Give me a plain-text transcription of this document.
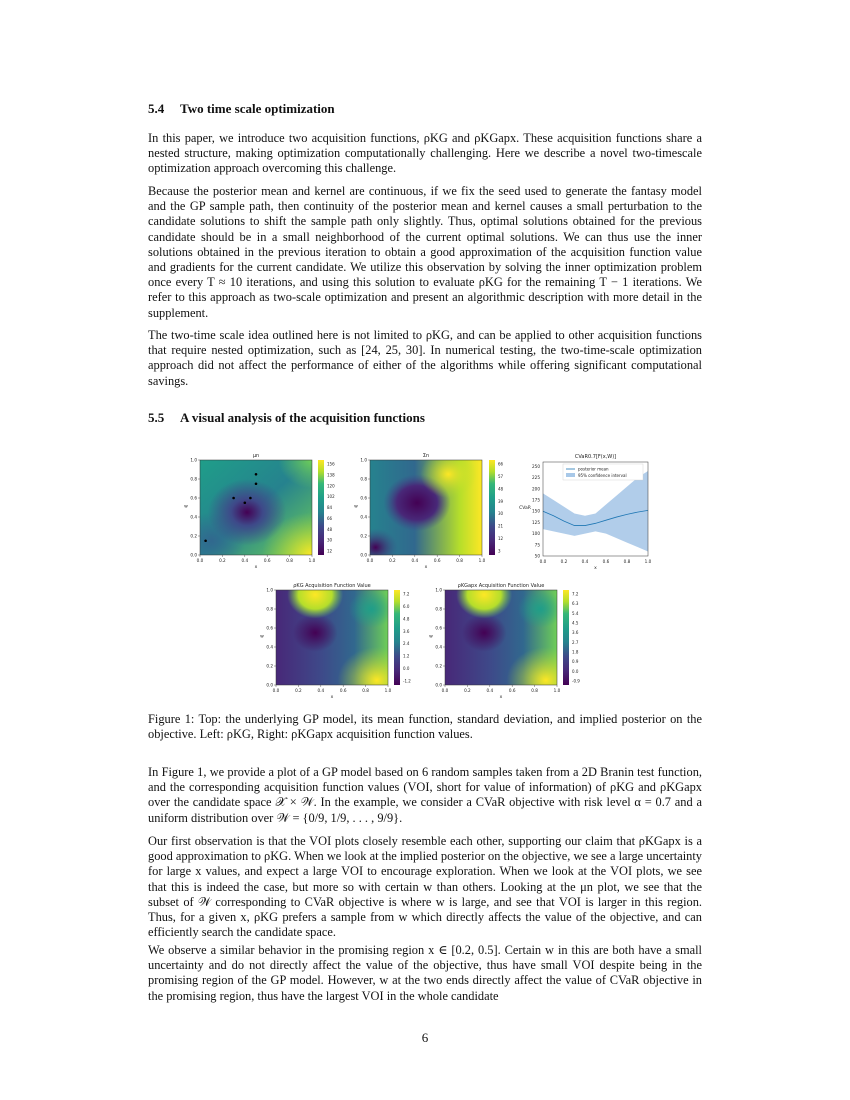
5.4 Two time scale optimization

In this paper, we introduce two acquisition functions, ρKG and ρKGapx. These acquisition functions share a nested structure, making optimization computationally challenging. Here we describe a novel two-timescale optimization approach overcoming this challenge.

Because the posterior mean and kernel are continuous, if we fix the seed used to generate the fantasy model and the GP sample path, then continuity of the posterior mean and kernel causes a small perturbation to the candidate solutions to shift the sample path only slightly. Thus, optimal solutions obtained for the previous candidate should be in a small neighborhood of the current optimal solutions. We can thus use the inner solutions obtained in the previous iteration to obtain a good approximation of the acquisition function value and gradients for the current candidate. We utilize this observation by solving the inner optimization problem once every T ≈ 10 iterations, and using this solution to evaluate ρKG for the remaining T − 1 iterations. We refer to this approach as two-scale optimization and present an algorithmic description with more detail in the supplement.

The two-time scale idea outlined here is not limited to ρKG, and can be applied to other acquisition functions that require nested optimization, such as [24, 25, 30]. In numerical testing, the two-time-scale optimization approach did not affect the performance of either of the algorithms while offering significant computational savings.

5.5 A visual analysis of the acquisition functions
μn
0.0	0.2	0.4	0.6	0.8	1.0
0.0
0.2
0.4
0.6
0.8
1.0
x
w
156
138
120
102
84
66
48
30
12
Σn
0.0	0.2	0.4	0.6	0.8	1.0
0.0
0.2
0.4
0.6
0.8
1.0
x
w
66
57
48
39
30
21
12
3
ρKG Acquisition Function Value
0.0	0.2	0.4	0.6	0.8	1.0
0.0
0.2
0.4
0.6
0.8
1.0
x
w
7.2
6.0
4.8
3.6
2.4
1.2
0.0
-1.2
ρKGapx Acquisition Function Value
0.0	0.2	0.4	0.6	0.8	1.0
0.0
0.2
0.4
0.6
0.8
1.0
x
w
7.2
6.3
5.4
4.5
3.6
2.7
1.8
0.9
0.0
-0.9
CVaR0.7[F(x,W)]
0.0	0.2	0.4	0.6	0.8	1.0
250
225
200
175
150
125
100
75
50
x
CVaR
posterior mean
95% confidence interval

Figure 1: Top: the underlying GP model, its mean function, standard deviation, and implied posterior on the objective. Left: ρKG, Right: ρKGapx acquisition function values.

In Figure 1, we provide a plot of a GP model based on 6 random samples taken from a 2D Branin test function, and the corresponding acquisition function values (VOI, short for value of information) of ρKG and ρKGapx over the candidate space 𝒳 × 𝒲. In the example, we consider a CVaR objective with risk level α = 0.7 and a uniform distribution over 𝒲 = {0/9, 1/9, . . . , 9/9}.

Our first observation is that the VOI plots closely resemble each other, supporting our claim that ρKGapx is a good approximation to ρKG. When we look at the implied posterior on the objective, we see a large uncertainty for large x values, and expect a large VOI to encourage exploration. When we look at the VOI plots, we see that this is indeed the case, but more so with certain w than others. Looking at the μn plot, we see that the subset of 𝒲 corresponding to CVaR objective is where w is large, and see that VOI is larger in this region. Thus, for a given x, ρKG prefers a sample from w which directly affects the value of the objective, and can efficiently search the candidate space.

We observe a similar behavior in the promising region x ∈ [0.2, 0.5]. Certain w in this are both have a small uncertainty and do not directly affect the value of the objective, thus have small VOI despite being in the promising region of the GP model. However, w at the two ends directly affect the value of CVaR objective in the promising region, thus have the largest VOI in the whole candidate

6
